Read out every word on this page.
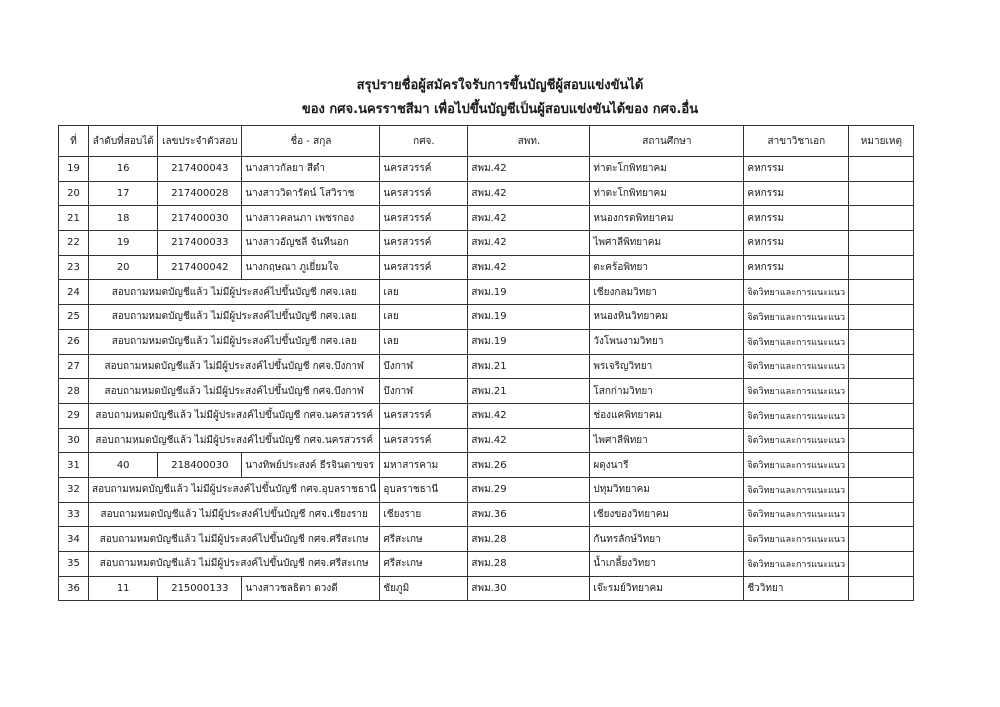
สรุปรายชื่อผู้สมัครใจรับการขึ้นบัญชีผู้สอบแข่งขันได้
ของ กศจ.นครราชสีมา เพื่อไปขึ้นบัญชีเป็นผู้สอบแข่งขันได้ของ กศจ.อื่น
ที่	ลำดับที่สอบได้	เลขประจำตัวสอบ	ชื่อ - สกุล	กศจ.	สพท.	สถานศึกษา	สาขาวิชาเอก	หมายเหตุ
19	16	217400043	นางสาวกัลยา สีดำ	นครสวรรค์	สพม.42	ท่าตะโกพิทยาคม	คหกรรม	
20	17	217400028	นางสาววิดารัตน์ โสวิราช	นครสวรรค์	สพม.42	ท่าตะโกพิทยาคม	คหกรรม	
21	18	217400030	นางสาวคลนภา เพชรกอง	นครสวรรค์	สพม.42	หนองกรดพิทยาคม	คหกรรม	
22	19	217400033	นางสาวอัญชลี จันทีนอก	นครสวรรค์	สพม.42	ไพศาลีพิทยาคม	คหกรรม	
23	20	217400042	นางกฤษณา ภูเยี่ยมใจ	นครสวรรค์	สพม.42	ตะคร้อพิทยา	คหกรรม	
24	สอบถามหมดบัญชีแล้ว ไม่มีผู้ประสงค์ไปขึ้นบัญชี กศจ.เลย			เลย	สพม.19	เชียงกลมวิทยา	จิตวิทยาและการแนะแนว	
25	สอบถามหมดบัญชีแล้ว ไม่มีผู้ประสงค์ไปขึ้นบัญชี กศจ.เลย			เลย	สพม.19	หนองหินวิทยาคม	จิตวิทยาและการแนะแนว	
26	สอบถามหมดบัญชีแล้ว ไม่มีผู้ประสงค์ไปขึ้นบัญชี กศจ.เลย			เลย	สพม.19	วังโพนงามวิทยา	จิตวิทยาและการแนะแนว	
27	สอบถามหมดบัญชีแล้ว ไม่มีผู้ประสงค์ไปขึ้นบัญชี กศจ.บึงกาฬ			บึงกาฬ	สพม.21	พรเจริญวิทยา	จิตวิทยาและการแนะแนว	
28	สอบถามหมดบัญชีแล้ว ไม่มีผู้ประสงค์ไปขึ้นบัญชี กศจ.บึงกาฬ			บึงกาฬ	สพม.21	โสกก่ามวิทยา	จิตวิทยาและการแนะแนว	
29	สอบถามหมดบัญชีแล้ว ไม่มีผู้ประสงค์ไปขึ้นบัญชี กศจ.นครสวรรค์			นครสวรรค์	สพม.42	ช่องแคพิทยาคม	จิตวิทยาและการแนะแนว	
30	สอบถามหมดบัญชีแล้ว ไม่มีผู้ประสงค์ไปขึ้นบัญชี กศจ.นครสวรรค์			นครสวรรค์	สพม.42	ไพศาลีพิทยา	จิตวิทยาและการแนะแนว	
31	40	218400030	นางทิพย์ประสงค์ ธีรจินดาขจร	มหาสารคาม	สพม.26	ผดุงนารี	จิตวิทยาและการแนะแนว	
32	สอบถามหมดบัญชีแล้ว ไม่มีผู้ประสงค์ไปขึ้นบัญชี กศจ.อุบลราชธานี			อุบลราชธานี	สพม.29	ปทุมวิทยาคม	จิตวิทยาและการแนะแนว	
33	สอบถามหมดบัญชีแล้ว ไม่มีผู้ประสงค์ไปขึ้นบัญชี กศจ.เชียงราย			เชียงราย	สพม.36	เชียงของวิทยาคม	จิตวิทยาและการแนะแนว	
34	สอบถามหมดบัญชีแล้ว ไม่มีผู้ประสงค์ไปขึ้นบัญชี กศจ.ศรีสะเกษ			ศรีสะเกษ	สพม.28	กันทรลักษ์วิทยา	จิตวิทยาและการแนะแนว	
35	สอบถามหมดบัญชีแล้ว ไม่มีผู้ประสงค์ไปขึ้นบัญชี กศจ.ศรีสะเกษ			ศรีสะเกษ	สพม.28	น้ำเกลี้ยงวิทยา	จิตวิทยาและการแนะแนว	
36	11	215000133	นางสาวชลธิดา ดวงดี	ชัยภูมิ	สพม.30	เจ๊ะรมย์วิทยาคม	ชีววิทยา	
